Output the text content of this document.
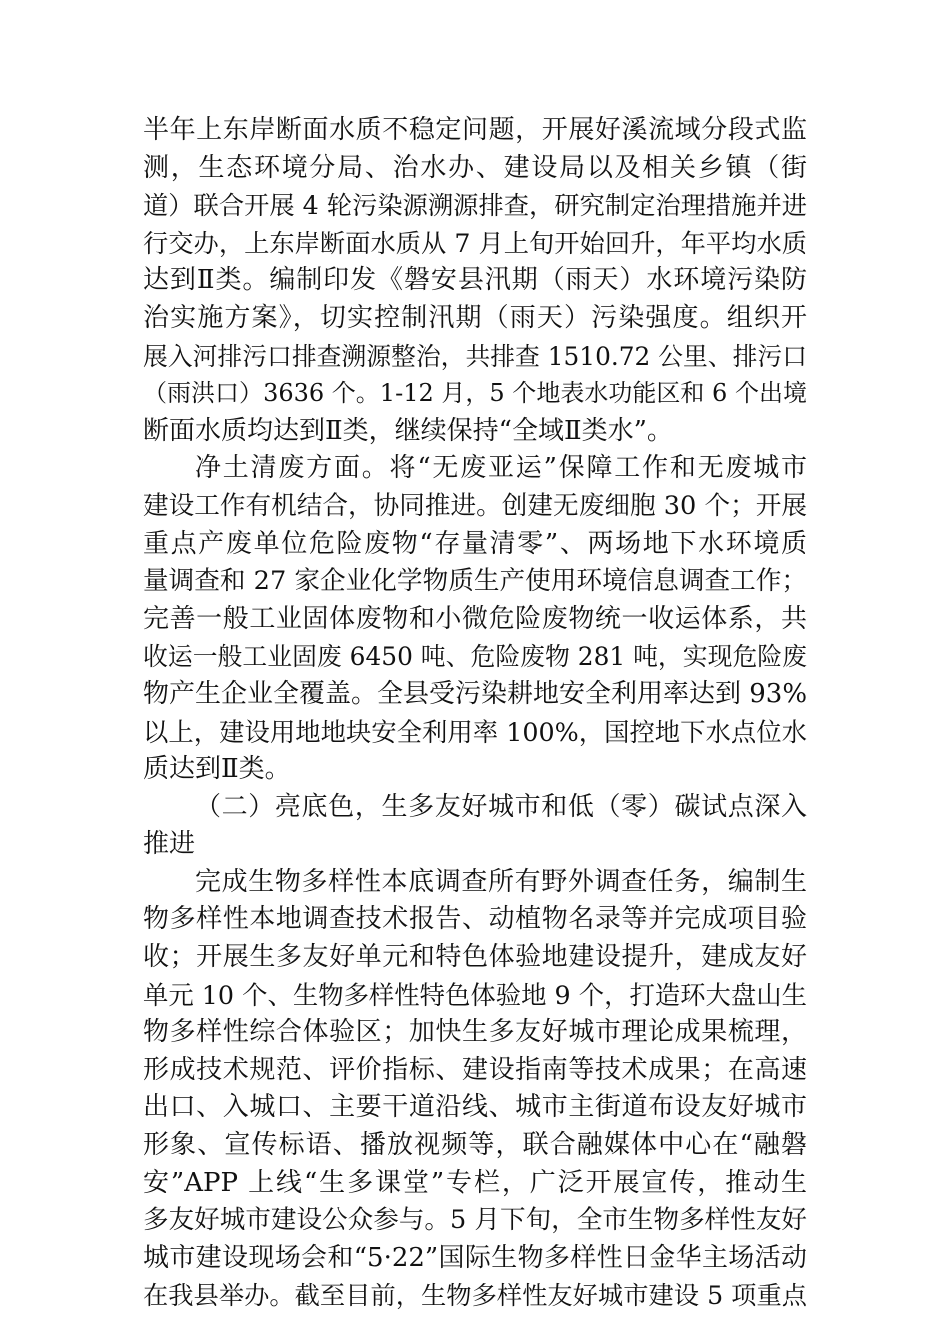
半年上东岸断面水质不稳定问题，开展好溪流域分段式监
测，生态环境分局、治水办、建设局以及相关乡镇（街
道）联合开展 4 轮污染源溯源排查，研究制定治理措施并进
行交办，上东岸断面水质从 7 月上旬开始回升，年平均水质
达到Ⅱ类。编制印发《磐安县汛期（雨天）水环境污染防
治实施方案》，切实控制汛期（雨天）污染强度。组织开
展入河排污口排查溯源整治，共排查 1510.72 公里、排污口
（雨洪口）3636 个。1-12 月，5 个地表水功能区和 6 个出境
断面水质均达到Ⅱ类，继续保持“全域Ⅱ类水”。
净土清废方面。将“无废亚运”保障工作和无废城市
建设工作有机结合，协同推进。创建无废细胞 30 个；开展
重点产废单位危险废物“存量清零”、两场地下水环境质
量调查和 27 家企业化学物质生产使用环境信息调查工作；
完善一般工业固体废物和小微危险废物统一收运体系，共
收运一般工业固废 6450 吨、危险废物 281 吨，实现危险废
物产生企业全覆盖。全县受污染耕地安全利用率达到 93%
以上，建设用地地块安全利用率 100%，国控地下水点位水
质达到Ⅱ类。
（二）亮底色，生多友好城市和低（零）碳试点深入
推进
完成生物多样性本底调查所有野外调查任务，编制生
物多样性本地调查技术报告、动植物名录等并完成项目验
收；开展生多友好单元和特色体验地建设提升，建成友好
单元 10 个、生物多样性特色体验地 9 个，打造环大盘山生
物多样性综合体验区；加快生多友好城市理论成果梳理，
形成技术规范、评价指标、建设指南等技术成果；在高速
出口、入城口、主要干道沿线、城市主街道布设友好城市
形象、宣传标语、播放视频等，联合融媒体中心在“融磐
安”APP 上线“生多课堂”专栏，广泛开展宣传，推动生
多友好城市建设公众参与。5 月下旬，全市生物多样性友好
城市建设现场会和“5·22”国际生物多样性日金华主场活动
在我县举办。截至目前，生物多样性友好城市建设 5 项重点
